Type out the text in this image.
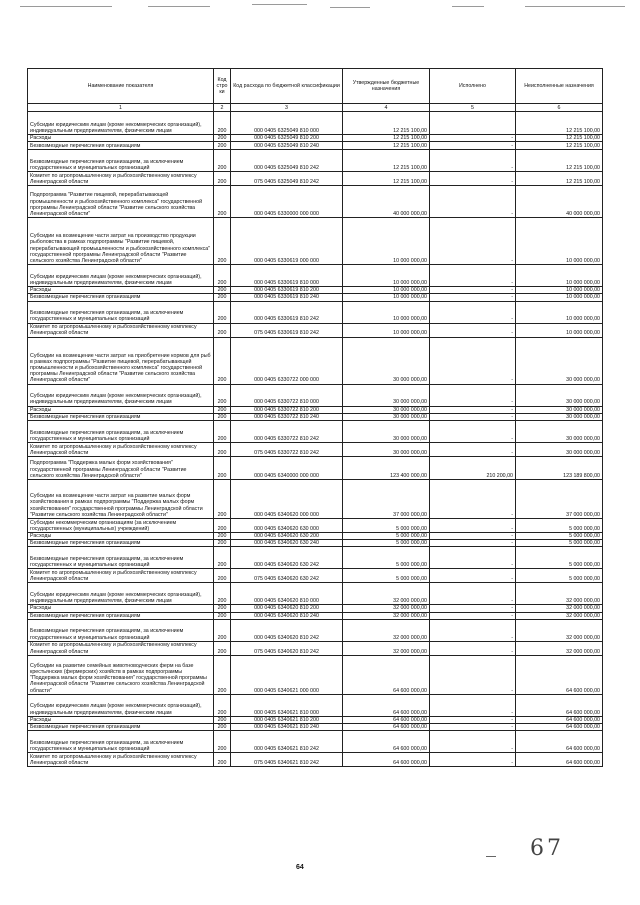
Наименование показателя	Код стро ки	Код расхода по бюджетной классификации	Утвержденные бюджетные назначения	Исполнено	Неисполненные назначения
1	2	3	4	5	6
Субсидии юридическим лицам (кроме некоммерческих организаций), индивидуальным предпринимателям, физическим лицам	200	000 0405 6325049 810 000	12 215 100,00		12 215 100,00
Расходы	200	000 0405 6325049 810 200	12 215 100,00	-	12 215 100,00
Безвозмездные перечисления организациям	200	000 0405 6325049 810 240	12 215 100,00	-	12 215 100,00
Безвозмездные перечисления организациям, за исключением государственных и муниципальных организаций	200	000 0405 6325049 810 242	12 215 100,00	-	12 215 100,00
Комитет по агропромышленному и рыбохозяйственному комплексу Ленинградской области	200	075 0405 6325049 810 242	12 215 100,00	-	12 215 100,00
Подпрограмма "Развитие пищевой, перерабатывающей промышленности и рыбохозяйственного комплекса" государственной программы Ленинградской области "Развитие сельского хозяйства Ленинградской области"	200	000 0405 6330000 000 000	40 000 000,00	-	40 000 000,00
Субсидии на возмещение части затрат на производство продукции рыболовства в рамках подпрограммы "Развитие пищевой, перерабатывающей промышленности и рыбохозяйственного комплекса" государственной программы Ленинградской области "Развитие сельского хозяйства Ленинградской области"	200	000 0405 6330619 000 000	10 000 000,00	-	10 000 000,00
Субсидии юридическим лицам (кроме некоммерческих организаций), индивидуальным предпринимателям, физическим лицам	200	000 0405 6330619 810 000	10 000 000,00	-	10 000 000,00
Расходы	200	000 0405 6330619 810 200	10 000 000,00	-	10 000 000,00
Безвозмездные перечисления организациям	200	000 0405 6330619 810 240	10 000 000,00	-	10 000 000,00
Безвозмездные перечисления организациям, за исключением государственных и муниципальных организаций	200	000 0405 6330619 810 242	10 000 000,00	-	10 000 000,00
Комитет по агропромышленному и рыбохозяйственному комплексу Ленинградской области	200	075 0405 6330619 810 242	10 000 000,00	-	10 000 000,00
Субсидии на возмещение части затрат на приобретение кормов для рыб в рамках подпрограммы "Развитие пищевой, перерабатывающей промышленности и рыбохозяйственного комплекса" государственной программы Ленинградской области "Развитие сельского хозяйства Ленинградской области"	200	000 0405 6330722 000 000	30 000 000,00	-	30 000 000,00
Субсидии юридическим лицам (кроме некоммерческих организаций), индивидуальным предпринимателям, физическим лицам	200	000 0405 6330722 810 000	30 000 000,00	-	30 000 000,00
Расходы	200	000 0405 6330722 810 200	30 000 000,00	-	30 000 000,00
Безвозмездные перечисления организациям	200	000 0405 6330722 810 240	30 000 000,00	-	30 000 000,00
Безвозмездные перечисления организациям, за исключением государственных и муниципальных организаций	200	000 0405 6330722 810 242	30 000 000,00	-	30 000 000,00
Комитет по агропромышленному и рыбохозяйственному комплексу Ленинградской области	200	075 0405 6330722 810 242	30 000 000,00	-	30 000 000,00
Подпрограмма "Поддержка малых форм хозяйствования" государственной программы Ленинградской области "Развитие сельского хозяйства Ленинградской области"	200	000 0405 6340000 000 000	123 400 000,00	210 200,00	123 189 800,00
Субсидии на возмещение части затрат на развитие малых форм хозяйствования в рамках подпрограммы "Поддержка малых форм хозяйствования" государственной программы Ленинградской области "Развитие сельского хозяйства Ленинградской области"	200	000 0405 6340620 000 000	37 000 000,00	-	37 000 000,00
Субсидии некоммерческим организациям (за исключением государственных (муниципальных) учреждений)	200	000 0405 6340620 630 000	5 000 000,00	-	5 000 000,00
Расходы	200	000 0405 6340620 630 200	5 000 000,00	-	5 000 000,00
Безвозмездные перечисления организациям	200	000 0405 6340620 630 240	5 000 000,00	-	5 000 000,00
Безвозмездные перечисления организациям, за исключением государственных и муниципальных организаций	200	000 0405 6340620 630 242	5 000 000,00	-	5 000 000,00
Комитет по агропромышленному и рыбохозяйственному комплексу Ленинградской области	200	075 0405 6340620 630 242	5 000 000,00	-	5 000 000,00
Субсидии юридическим лицам (кроме некоммерческих организаций), индивидуальным предпринимателям, физическим лицам	200	000 0405 6340620 810 000	32 000 000,00	-	32 000 000,00
Расходы	200	000 0405 6340620 810 200	32 000 000,00	-	32 000 000,00
Безвозмездные перечисления организациям	200	000 0405 6340620 810 240	32 000 000,00	-	32 000 000,00
Безвозмездные перечисления организациям, за исключением государственных и муниципальных организаций	200	000 0405 6340620 810 242	32 000 000,00	-	32 000 000,00
Комитет по агропромышленному и рыбохозяйственному комплексу Ленинградской области	200	075 0405 6340620 810 242	32 000 000,00	-	32 000 000,00
Субсидии на развитие семейных животноводческих ферм на базе крестьянских (фермерских) хозяйств в рамках подпрограммы "Поддержка малых форм хозяйствования" государственной программы Ленинградской области "Развитие сельского хозяйства Ленинградской области"	200	000 0405 6340621 000 000	64 600 000,00	-	64 600 000,00
Субсидии юридическим лицам (кроме некоммерческих организаций), индивидуальным предпринимателям, физическим лицам	200	000 0405 6340621 810 000	64 600 000,00	-	64 600 000,00
Расходы	200	000 0405 6340621 810 200	64 600 000,00	-	64 600 000,00
Безвозмездные перечисления организациям	200	000 0405 6340621 810 240	64 600 000,00	-	64 600 000,00
Безвозмездные перечисления организациям, за исключением государственных и муниципальных организаций	200	000 0405 6340621 810 242	64 600 000,00	-	64 600 000,00
Комитет по агропромышленному и рыбохозяйственному комплексу Ленинградской области	200	075 0405 6340621 810 242	64 600 000,00	-	64 600 000,00
67
64
